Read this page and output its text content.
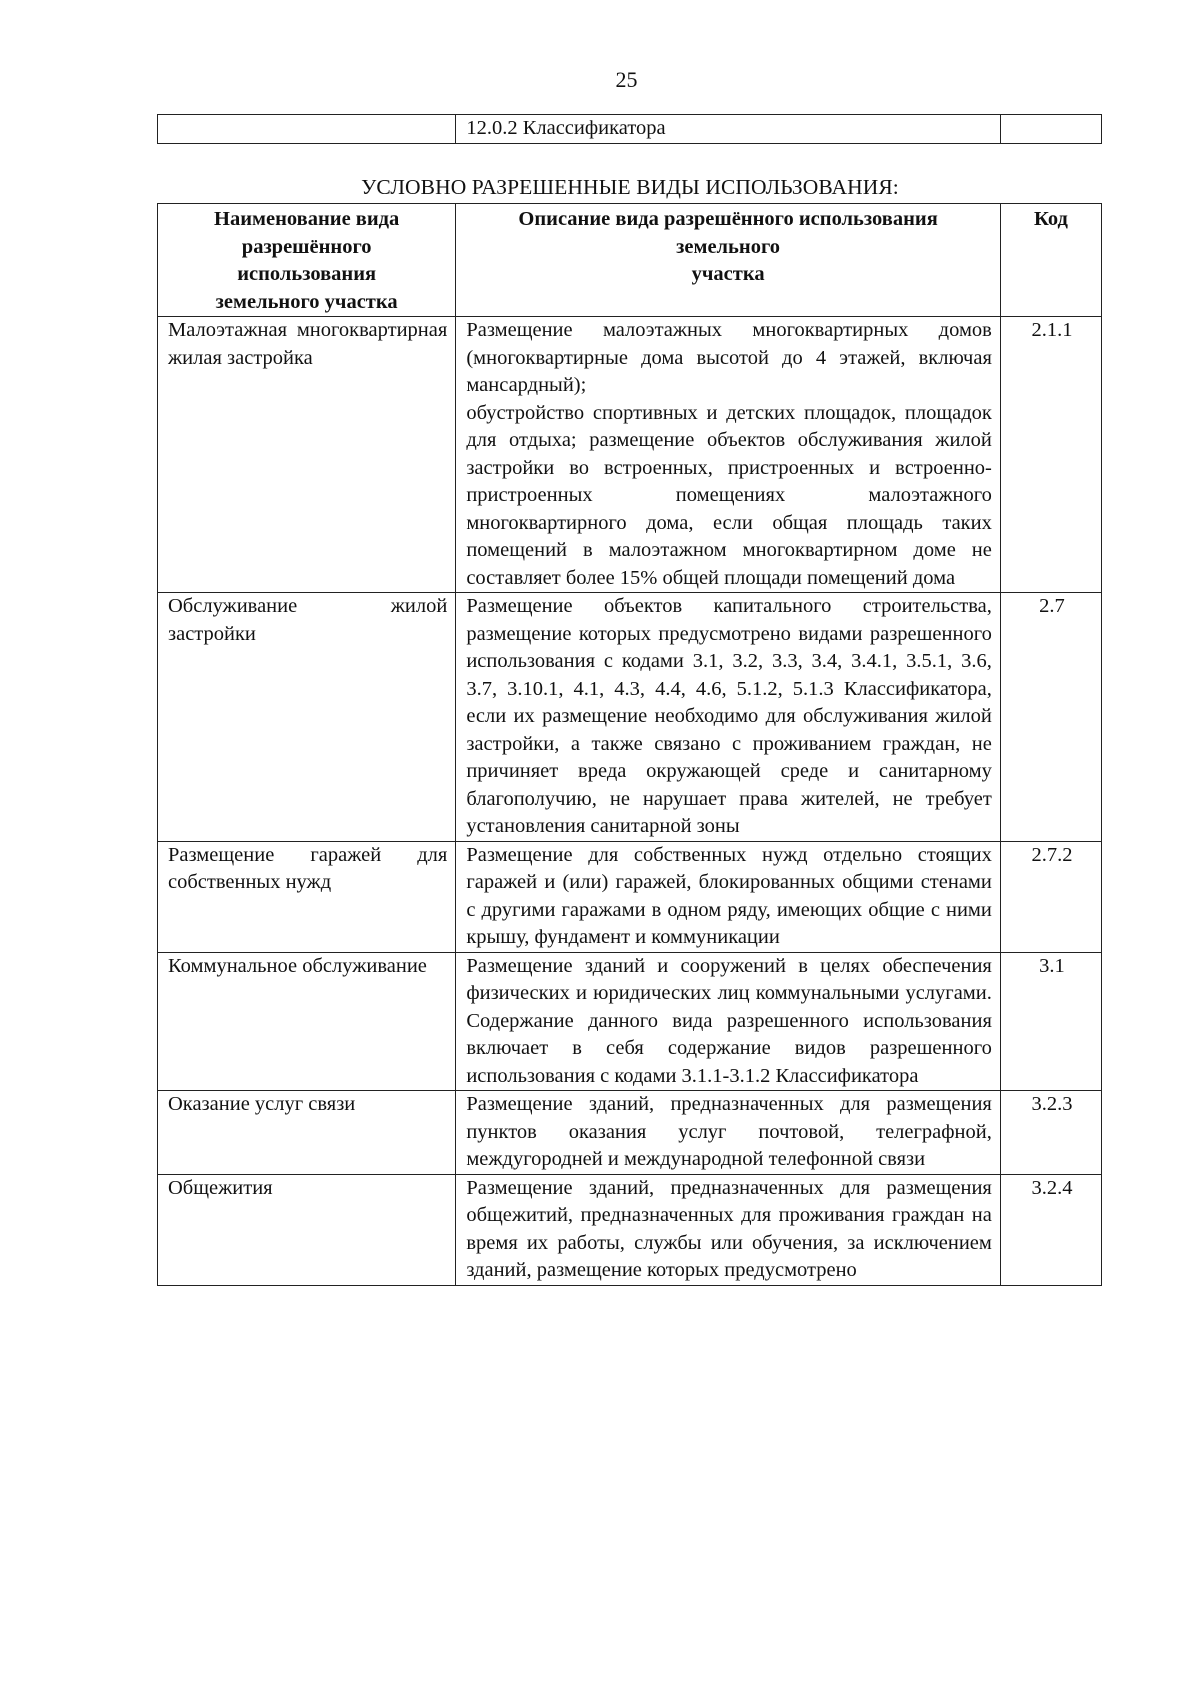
25
	12.0.2 Классификатора	
УСЛОВНО РАЗРЕШЕННЫЕ ВИДЫ ИСПОЛЬЗОВАНИЯ:
Наименование вида
разрешённого
использования
земельного участка	Описание вида разрешённого использования
земельного
участка	Код

Малоэтажная многоквартирная жилая застройка	Размещение малоэтажных многоквартирных домов (многоквартирные дома высотой до 4 этажей, включая мансардный);
обустройство спортивных и детских площадок, площадок для отдыха; размещение объектов обслуживания жилой застройки во встроенных, пристроенных и встроенно-пристроенных помещениях малоэтажного многоквартирного дома, если общая площадь таких помещений в малоэтажном многоквартирном доме не составляет более 15% общей площади помещений дома	2.1.1
Обслуживание жилой застройки	Размещение объектов капитального строительства, размещение которых предусмотрено видами разрешенного использования с кодами 3.1, 3.2, 3.3, 3.4, 3.4.1, 3.5.1, 3.6, 3.7, 3.10.1, 4.1, 4.3, 4.4, 4.6, 5.1.2, 5.1.3 Классификатора, если их размещение необходимо для обслуживания жилой застройки, а также связано с проживанием граждан, не причиняет вреда окружающей среде и санитарному благополучию, не нарушает права жителей, не требует установления санитарной зоны	2.7
Размещение гаражей для собственных нужд	Размещение для собственных нужд отдельно стоящих гаражей и (или) гаражей, блокированных общими стенами с другими гаражами в одном ряду, имеющих общие с ними крышу, фундамент и коммуникации	2.7.2
Коммунальное обслуживание	Размещение зданий и сооружений в целях обеспечения физических и юридических лиц коммунальными услугами. Содержание данного вида разрешенного использования включает в себя содержание видов разрешенного использования с кодами 3.1.1-3.1.2 Классификатора	3.1
Оказание услуг связи	Размещение зданий, предназначенных для размещения пунктов оказания услуг почтовой, телеграфной, междугородней и международной телефонной связи	3.2.3
Общежития	Размещение зданий, предназначенных для размещения общежитий, предназначенных для проживания граждан на время их работы, службы или обучения, за исключением зданий, размещение которых предусмотрено	3.2.4
